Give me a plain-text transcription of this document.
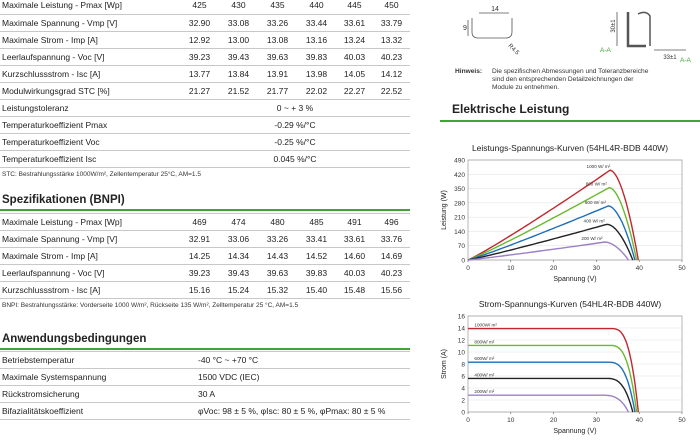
Maximale Leistung - Pmax [Wp]	425	430	435	440	445	450
Maximale Spannung - Vmp [V]	32.90	33.08	33.26	33.44	33.61	33.79
Maximale Strom - Imp [A]	12.92	13.00	13.08	13.16	13.24	13.32
Leerlaufspannung - Voc [V]	39.23	39.43	39.63	39.83	40.03	40.23
Kurzschlussstrom - Isc [A]	13.77	13.84	13.91	13.98	14.05	14.12
Modulwirkungsgrad STC [%]	21.27	21.52	21.77	22.02	22.27	22.52
Leistungstoleranz	0 ~ + 3 %					
Temperaturkoeffizient Pmax	-0.29 %/°C					
Temperaturkoeffizient Voc	-0.25 %/°C					
Temperaturkoeffizient Isc	0.045 %/°C					
STC: Bestrahlungsstärke 1000W/m², Zellentemperatur 25°C, AM=1.5
Spezifikationen (BNPI)
Maximale Leistung - Pmax [Wp]	469	474	480	485	491	496
Maximale Spannung - Vmp [V]	32.91	33.06	33.26	33.41	33.61	33.76
Maximale Strom - Imp [A]	14.25	14.34	14.43	14.52	14.60	14.69
Leerlaufspannung - Voc [V]	39.23	39.43	39.63	39.83	40.03	40.23
Kurzschlussstrom - Isc [A]	15.16	15.24	15.32	15.40	15.48	15.56
BNPI: Bestrahlungsstärke: Vorderseite 1000 W/m², Rückseite 135 W/m², Zelltemperatur 25 °C, AM=1.5
Anwendungsbedingungen
Betriebstemperatur	-40 °C ~ +70 °C
Maximale Systemspannung	1500 VDC (IEC)
Rückstromsicherung	30 A
Bifazialitätskoeffizient	φVoc: 98 ± 5 %, φIsc: 80 ± 5 %, φPmax: 80 ± 5 %
14
9
R4.5
30±1
33±1
A-A
A-A
Hinweis: Die spezifischen Abmessungen und Toleranzbereiche
sind den entsprechenden Detailzeichnungen der
Module zu entnehmen.
Elektrische Leistung
Leistungs-Spannungs-Kurven (54HL4R-BDB 440W)
Strom-Spannungs-Kurven (54HL4R-BDB 440W)
0
70
140
210
280
350
420
490
0	10	20	30	40	50
Spannung (V)
Leistung (W)
1000 W/ m²
800 W/ m²
600 W/ m²
400 W/ m²
200 W/ m²
0
2
4
6
8
10
12
14
16
0	10	20	30	40	50
Spannung (V)
Strom (A)
1000W/ m²
800W/ m²
600W/ m²
400W/ m²
200W/ m²
